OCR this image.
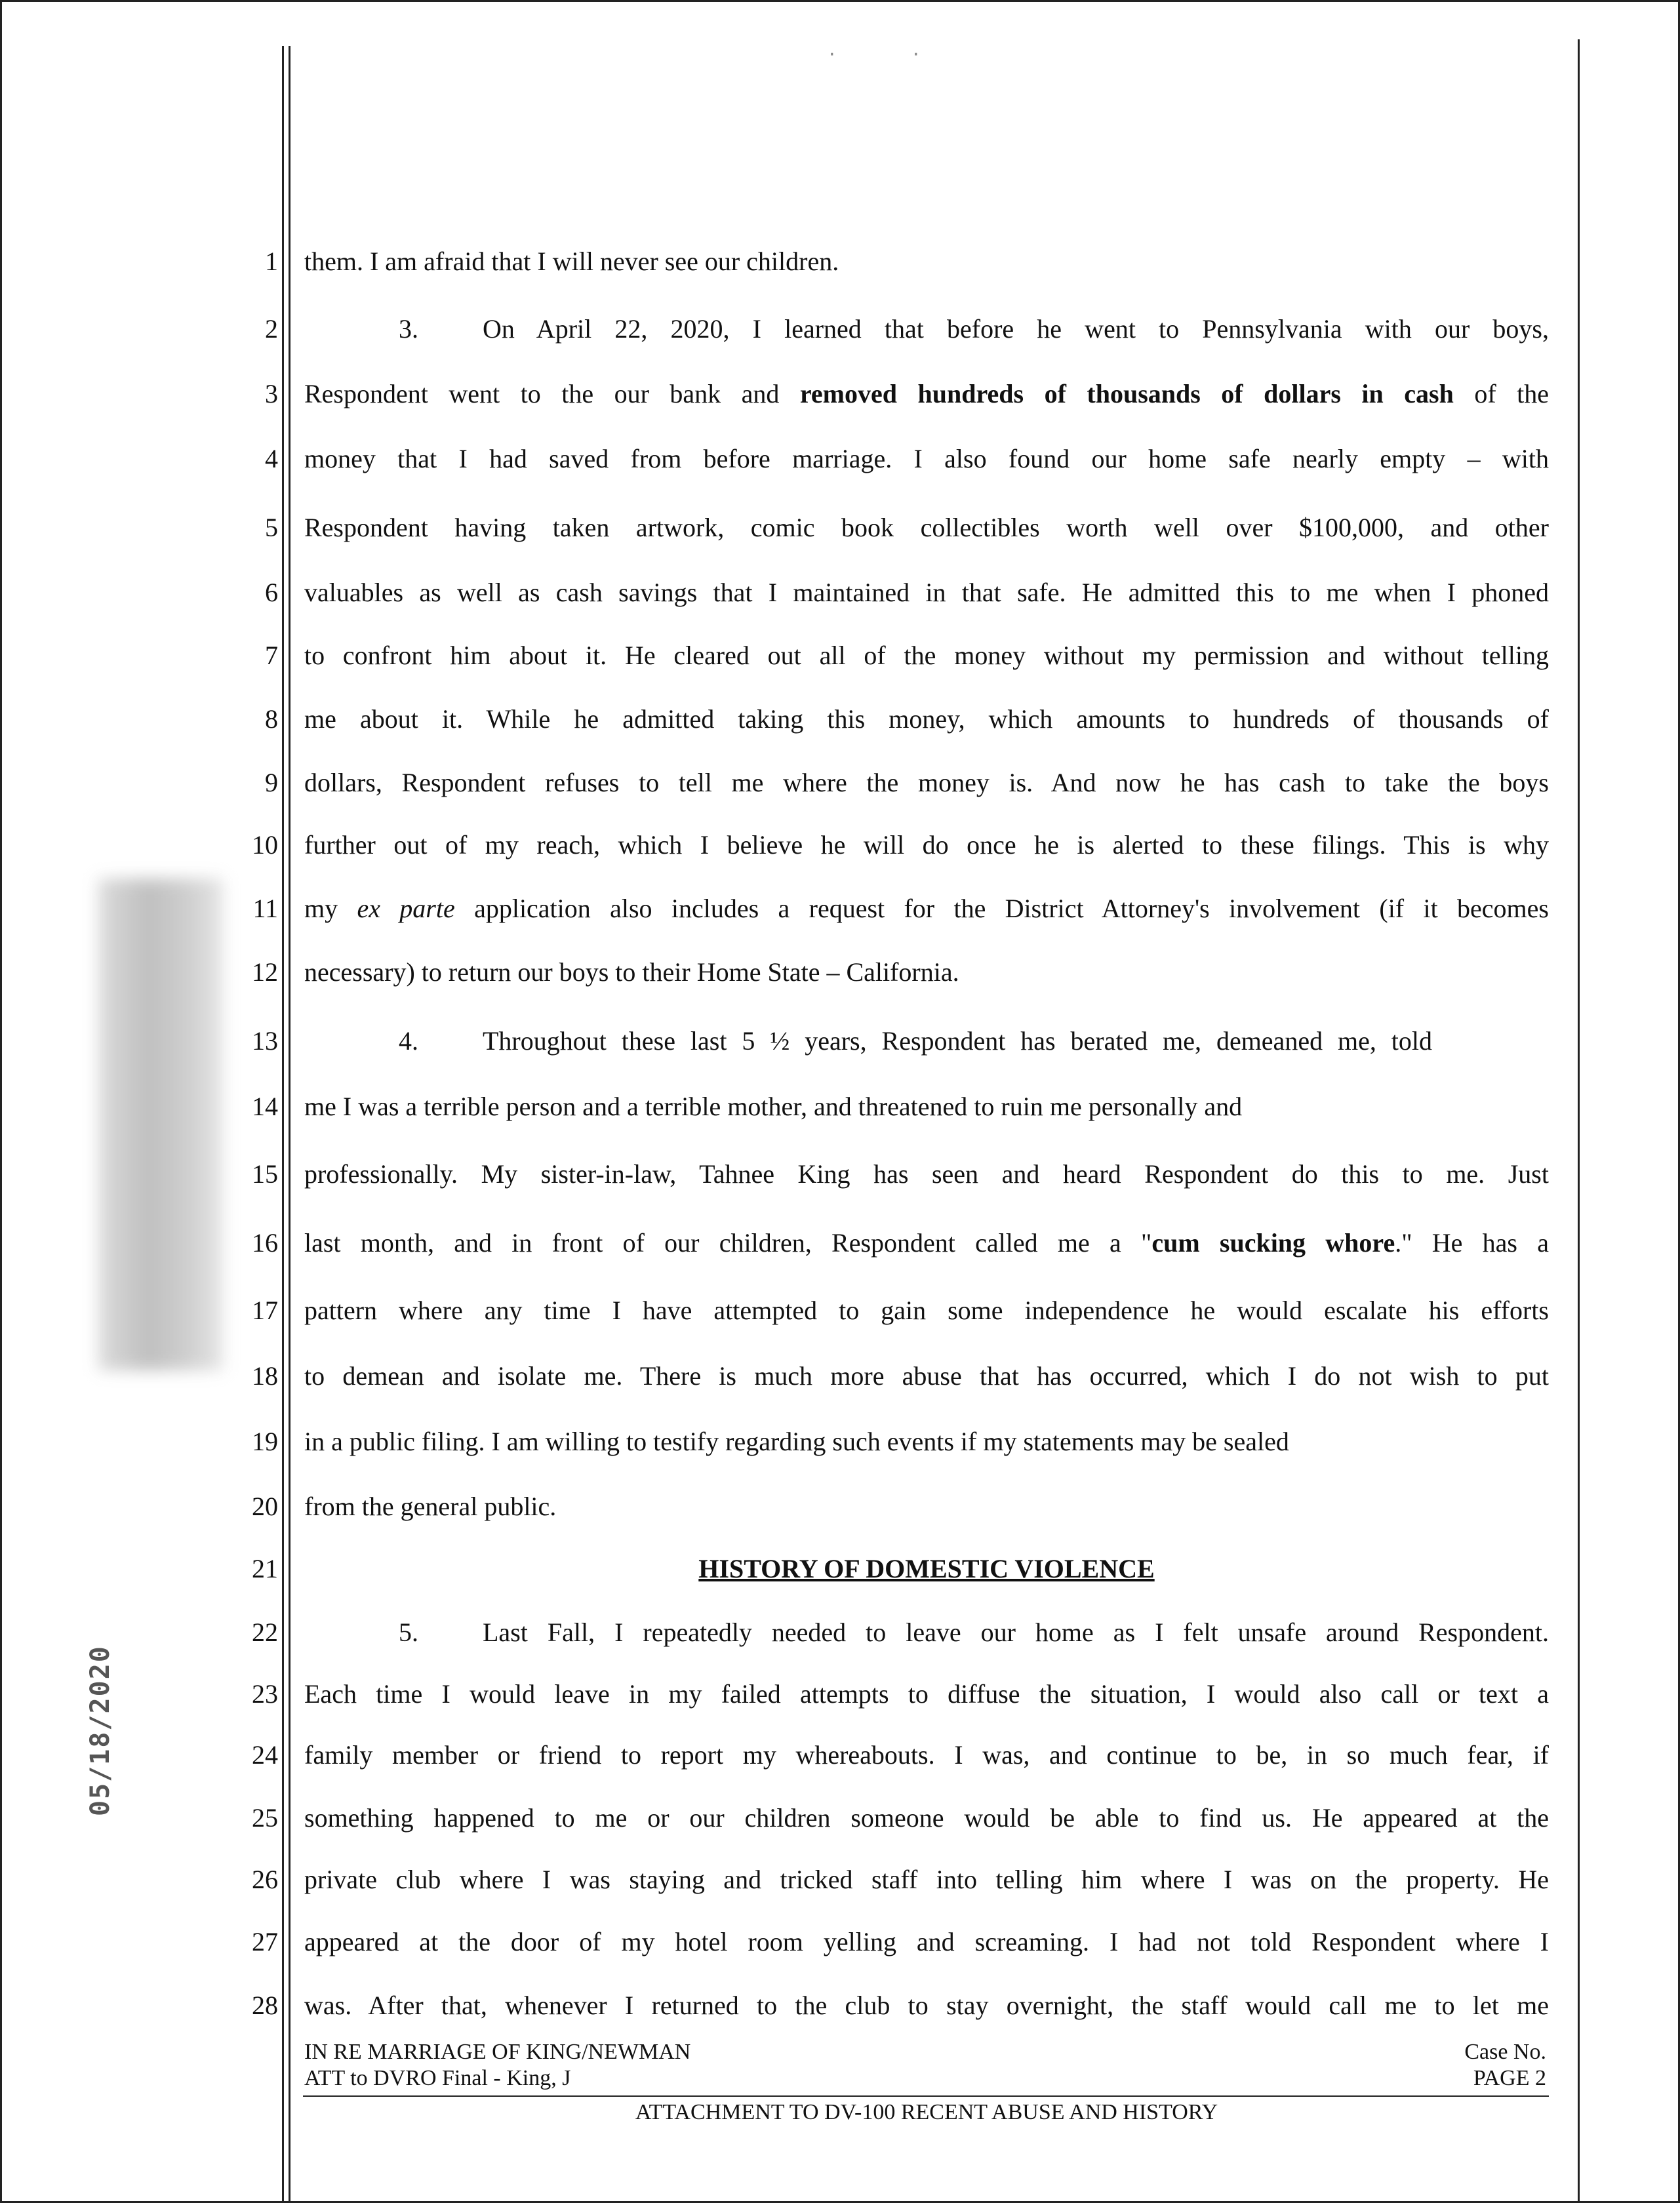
05/18/2020
·	·
1
2
3
4
5
6
7
8
9
10
11
12
13
14
15
16
17
18
19
20
21
22
23
24
25
26
27
28
them. I am afraid that I will never see our children.
3. On April 22, 2020, I learned that before he went to Pennsylvania with our boys,
Respondent went to the our bank and removed hundreds of thousands of dollars in cash of the
money that I had saved from before marriage. I also found our home safe nearly empty – with
Respondent having taken artwork, comic book collectibles worth well over $100,000, and other
valuables as well as cash savings that I maintained in that safe. He admitted this to me when I phoned
to confront him about it. He cleared out all of the money without my permission and without telling
me about it. While he admitted taking this money, which amounts to hundreds of thousands of
dollars, Respondent refuses to tell me where the money is. And now he has cash to take the boys
further out of my reach, which I believe he will do once he is alerted to these filings. This is why
my ex parte application also includes a request for the District Attorney's involvement (if it becomes
necessary) to return our boys to their Home State – California.
4. Throughout these last 5 ½ years, Respondent has berated me, demeaned me, told
me I was a terrible person and a terrible mother, and threatened to ruin me personally and
professionally. My sister-in-law, Tahnee King has seen and heard Respondent do this to me. Just
last month, and in front of our children, Respondent called me a "cum sucking whore." He has a
pattern where any time I have attempted to gain some independence he would escalate his efforts
to demean and isolate me. There is much more abuse that has occurred, which I do not wish to put
in a public filing. I am willing to testify regarding such events if my statements may be sealed
from the general public.
HISTORY OF DOMESTIC VIOLENCE
5. Last Fall, I repeatedly needed to leave our home as I felt unsafe around Respondent.
Each time I would leave in my failed attempts to diffuse the situation, I would also call or text a
family member or friend to report my whereabouts. I was, and continue to be, in so much fear, if
something happened to me or our children someone would be able to find us. He appeared at the
private club where I was staying and tricked staff into telling him where I was on the property. He
appeared at the door of my hotel room yelling and screaming. I had not told Respondent where I
was. After that, whenever I returned to the club to stay overnight, the staff would call me to let me
IN RE MARRIAGE OF KING/NEWMAN
ATT to DVRO Final - King, J
Case No.
PAGE 2
ATTACHMENT TO DV-100 RECENT ABUSE AND HISTORY
